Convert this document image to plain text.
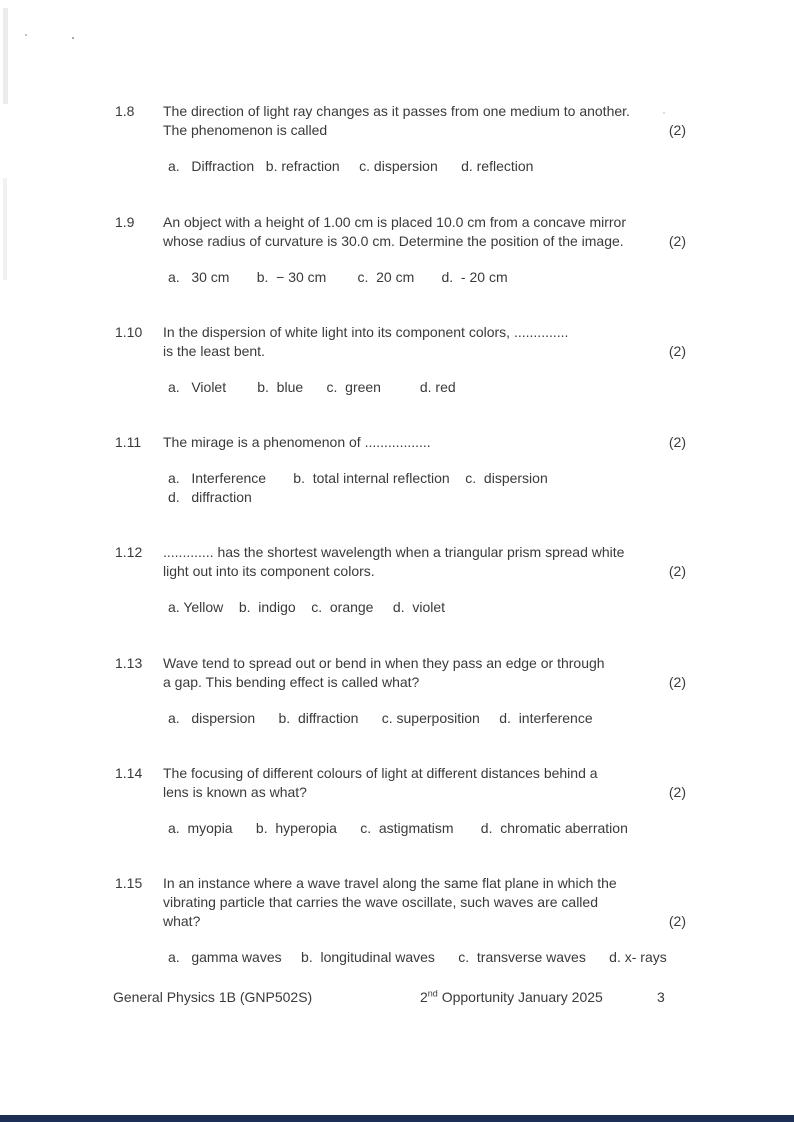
1.8 The direction of light ray changes as it passes from one medium to another.
The phenomenon is called
a.   Diffraction   b. refraction     c. dispersion      d. reflection
(2)
1.9 An object with a height of 1.00 cm is placed 10.0 cm from a concave mirror
whose radius of curvature is 30.0 cm. Determine the position of the image.
a.   30 cm       b.  − 30 cm        c.  20 cm       d.  - 20 cm
(2)
1.10 In the dispersion of white light into its component colors, ..............
is the least bent.
a.   Violet        b.  blue      c.  green          d. red
(2)
1.11 The mirage is a phenomenon of .................
a.   Interference       b.  total internal reflection    c.  dispersion
d.   diffraction
(2)
1.12 ............. has the shortest wavelength when a triangular prism spread white
light out into its component colors.
a. Yellow    b.  indigo    c.  orange     d.  violet
(2)
1.13 Wave tend to spread out or bend in when they pass an edge or through
a gap. This bending effect is called what?
a.   dispersion      b.  diffraction      c. superposition     d.  interference
(2)
1.14 The focusing of different colours of light at different distances behind a
lens is known as what?
a.  myopia      b.  hyperopia      c.  astigmatism       d.  chromatic aberration
(2)
1.15 In an instance where a wave travel along the same flat plane in which the
vibrating particle that carries the wave oscillate, such waves are called
what?
a.   gamma waves     b.  longitudinal waves      c.  transverse waves      d. x- rays
(2)
General Physics 1B (GNP502S)	2nd Opportunity January 2025	3
